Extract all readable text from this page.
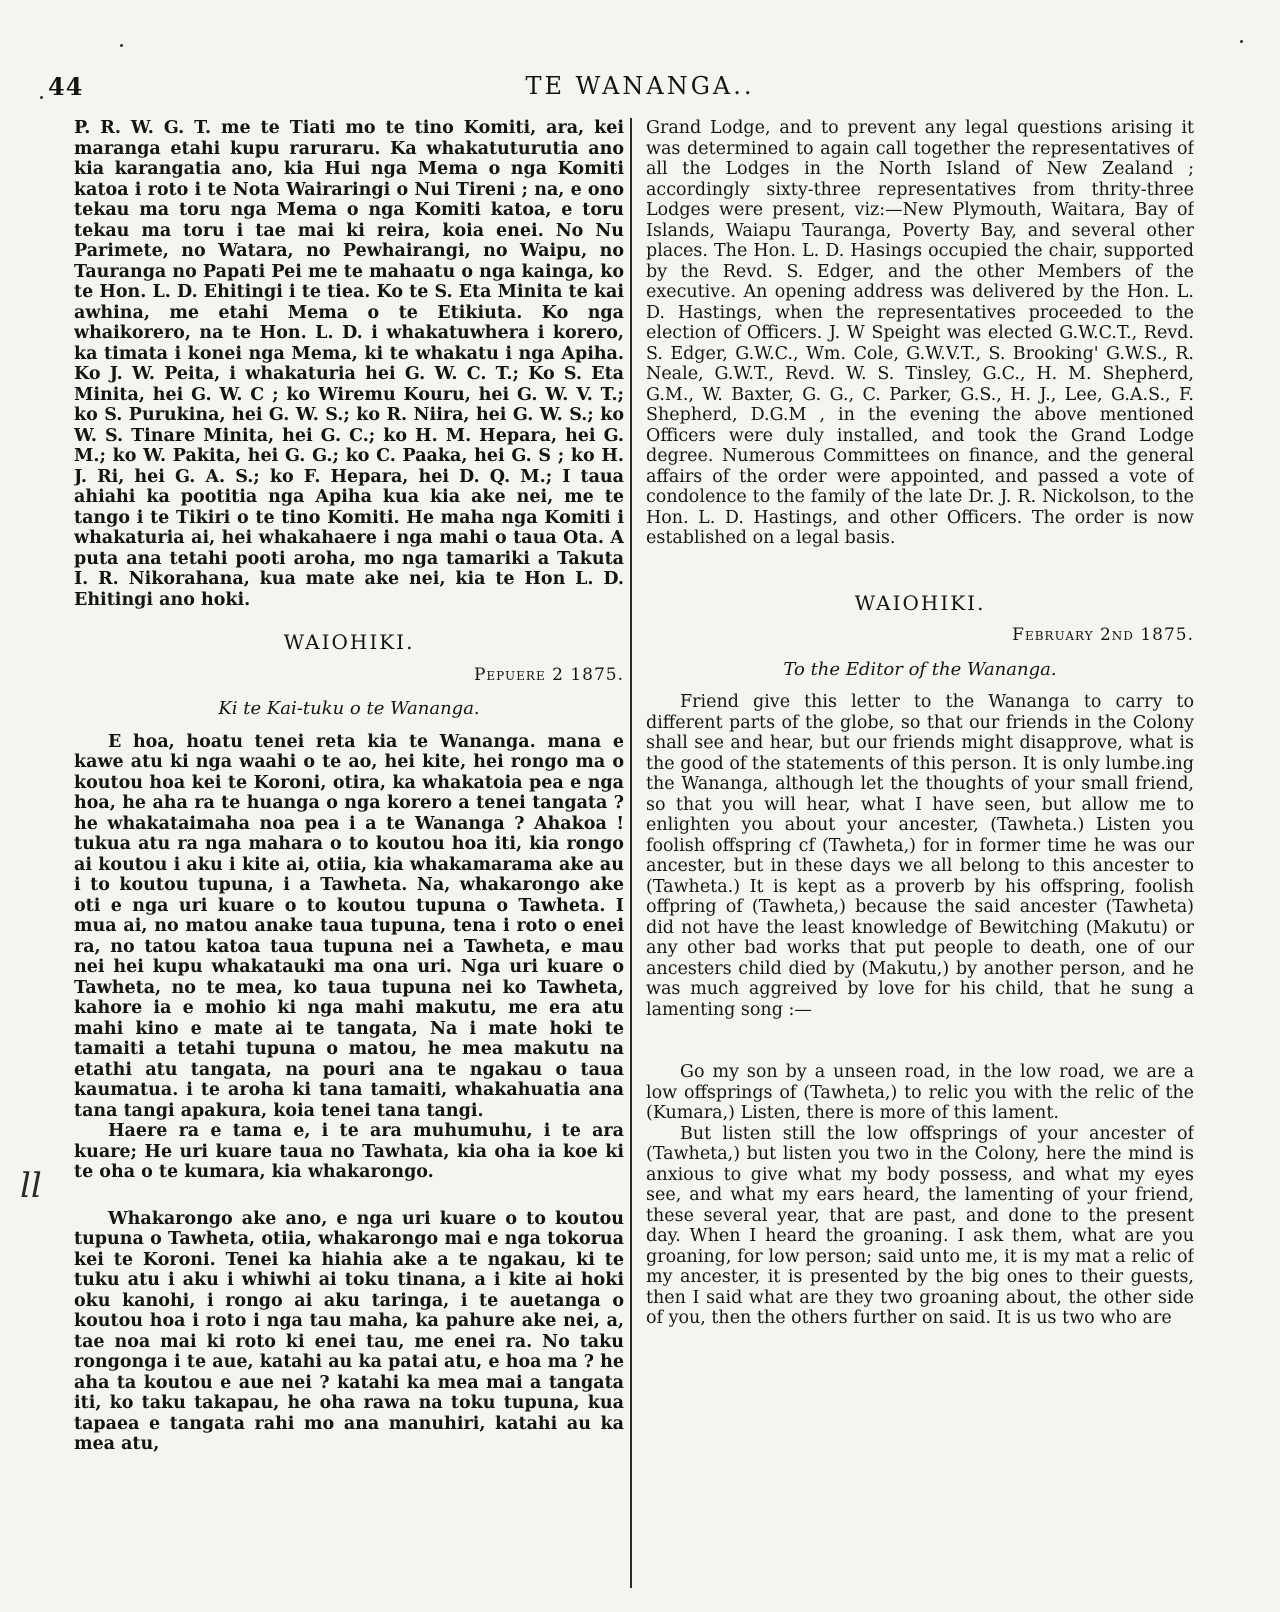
44	TE WANANGA..
ll

P. R. W. G. T. me te Tiati mo te tino Komiti, ara, kei maranga etahi kupu raruraru. Ka whakatuturutia ano kia karangatia ano, kia Hui nga Mema o nga Komiti katoa i roto i te Nota Wairaringi o Nui Tireni ; na, e ono tekau ma toru nga Mema o nga Komiti katoa, e toru tekau ma toru i tae mai ki reira, koia enei. No Nu Parimete, no Watara, no Pewhairangi, no Waipu, no Tauranga no Papati Pei me te mahaatu o nga kainga, ko te Hon. L. D. Ehitingi i te tiea. Ko te S. Eta Minita te kai awhina, me etahi Mema o te Etikiuta. Ko nga whaikorero, na te Hon. L. D. i whakatuwhera i korero, ka timata i konei nga Mema, ki te whakatu i nga Apiha. Ko J. W. Peita, i whakaturia hei G. W. C. T.; Ko S. Eta Minita, hei G. W. C ; ko Wiremu Kouru, hei G. W. V. T.; ko S. Purukina, hei G. W. S.; ko R. Niira, hei G. W. S.; ko W. S. Tinare Minita, hei G. C.; ko H. M. Hepara, hei G. M.; ko W. Pakita, hei G. G.; ko C. Paaka, hei G. S ; ko H. J. Ri, hei G. A. S.; ko F. Hepara, hei D. Q. M.; I taua ahiahi ka pootitia nga Apiha kua kia ake nei, me te tango i te Tikiri o te tino Komiti. He maha nga Komiti i whakaturia ai, hei whakahaere i nga mahi o taua Ota. A puta ana tetahi pooti aroha, mo nga tamariki a Takuta I. R. Nikorahana, kua mate ake nei, kia te Hon L. D. Ehitingi ano hoki.

WAIOHIKI.

Pepuere 2 1875.

Ki te Kai-tuku o te Wananga.

E hoa, hoatu tenei reta kia te Wananga. mana e kawe atu ki nga waahi o te ao, hei kite, hei rongo ma o koutou hoa kei te Koroni, otira, ka whakatoia pea e nga hoa, he aha ra te huanga o nga korero a tenei tangata ? he whakataimaha noa pea i a te Wananga ? Ahakoa ! tukua atu ra nga mahara o to koutou hoa iti, kia rongo ai koutou i aku i kite ai, otiia, kia whakamarama ake au i to koutou tupuna, i a Tawheta. Na, whakarongo ake oti e nga uri kuare o to koutou tupuna o Tawheta. I mua ai, no matou anake taua tupuna, tena i roto o enei ra, no tatou katoa taua tupuna nei a Tawheta, e mau nei hei kupu whakatauki ma ona uri. Nga uri kuare o Tawheta, no te mea, ko taua tupuna nei ko Tawheta, kahore ia e mohio ki nga mahi makutu, me era atu mahi kino e mate ai te tangata, Na i mate hoki te tamaiti a tetahi tupuna o matou, he mea makutu na etathi atu tangata, na pouri ana te ngakau o taua kaumatua. i te aroha ki tana tamaiti, whakahuatia ana tana tangi apakura, koia tenei tana tangi.

Haere ra e tama e, i te ara muhumuhu, i te ara kuare; He uri kuare taua no Tawhata, kia oha ia koe ki te oha o te kumara, kia whakarongo.

Whakarongo ake ano, e nga uri kuare o to koutou tupuna o Tawheta, otiia, whakarongo mai e nga tokorua kei te Koroni. Tenei ka hiahia ake a te ngakau, ki te tuku atu i aku i whiwhi ai toku tinana, a i kite ai hoki oku kanohi, i rongo ai aku taringa, i te auetanga o koutou hoa i roto i nga tau maha, ka pahure ake nei, a, tae noa mai ki roto ki enei tau, me enei ra. No taku rongonga i te aue, katahi au ka patai atu, e hoa ma ? he aha ta koutou e aue nei ? katahi ka mea mai a tangata iti, ko taku takapau, he oha rawa na toku tupuna, kua tapaea e tangata rahi mo ana manuhiri, katahi au ka mea atu,

Grand Lodge, and to prevent any legal questions arising it was determined to again call together the representatives of all the Lodges in the North Island of New Zealand ; accordingly sixty-three representatives from thrity-three Lodges were present, viz:—New Plymouth, Waitara, Bay of Islands, Waiapu Tauranga, Poverty Bay, and several other places. The Hon. L. D. Hasings occupied the chair, supported by the Revd. S. Edger, and the other Members of the executive. An opening address was delivered by the Hon. L. D. Hastings, when the representatives proceeded to the election of Officers. J. W Speight was elected G.W.C.T., Revd. S. Edger, G.W.C., Wm. Cole, G.W.V.T., S. Brooking' G.W.S., R. Neale, G.W.T., Revd. W. S. Tinsley, G.C., H. M. Shepherd, G.M., W. Baxter, G. G., C. Parker, G.S., H. J., Lee, G.A.S., F. Shepherd, D.G.M , in the evening the above mentioned Officers were duly installed, and took the Grand Lodge degree. Numerous Committees on finance, and the general affairs of the order were appointed, and passed a vote of condolence to the family of the late Dr. J. R. Nickolson, to the Hon. L. D. Hastings, and other Officers. The order is now established on a legal basis.

WAIOHIKI.

February 2nd 1875.

To the Editor of the Wananga.

Friend give this letter to the Wananga to carry to different parts of the globe, so that our friends in the Colony shall see and hear, but our friends might disapprove, what is the good of the statements of this person. It is only lumbe.ing the Wananga, although let the thoughts of your small friend, so that you will hear, what I have seen, but allow me to enlighten you about your ancester, (Tawheta.) Listen you foolish offspring cf (Tawheta,) for in former time he was our ancester, but in these days we all belong to this ancester to (Tawheta.) It is kept as a proverb by his offspring, foolish offpring of (Tawheta,) because the said ancester (Tawheta) did not have the least knowledge of Bewitching (Makutu) or any other bad works that put people to death, one of our ancesters child died by (Makutu,) by another person, and he was much aggreived by love for his child, that he sung a lamenting song :—

Go my son by a unseen road, in the low road, we are a low offsprings of (Tawheta,) to relic you with the relic of the (Kumara,) Listen, there is more of this lament.

But listen still the low offsprings of your ancester of (Tawheta,) but listen you two in the Colony, here the mind is anxious to give what my body possess, and what my eyes see, and what my ears heard, the lamenting of your friend, these several year, that are past, and done to the present day. When I heard the groaning. I ask them, what are you groaning, for low person; said unto me, it is my mat a relic of my ancester, it is presented by the big ones to their guests, then I said what are they two groaning about, the other side of you, then the others further on said. It is us two who are
